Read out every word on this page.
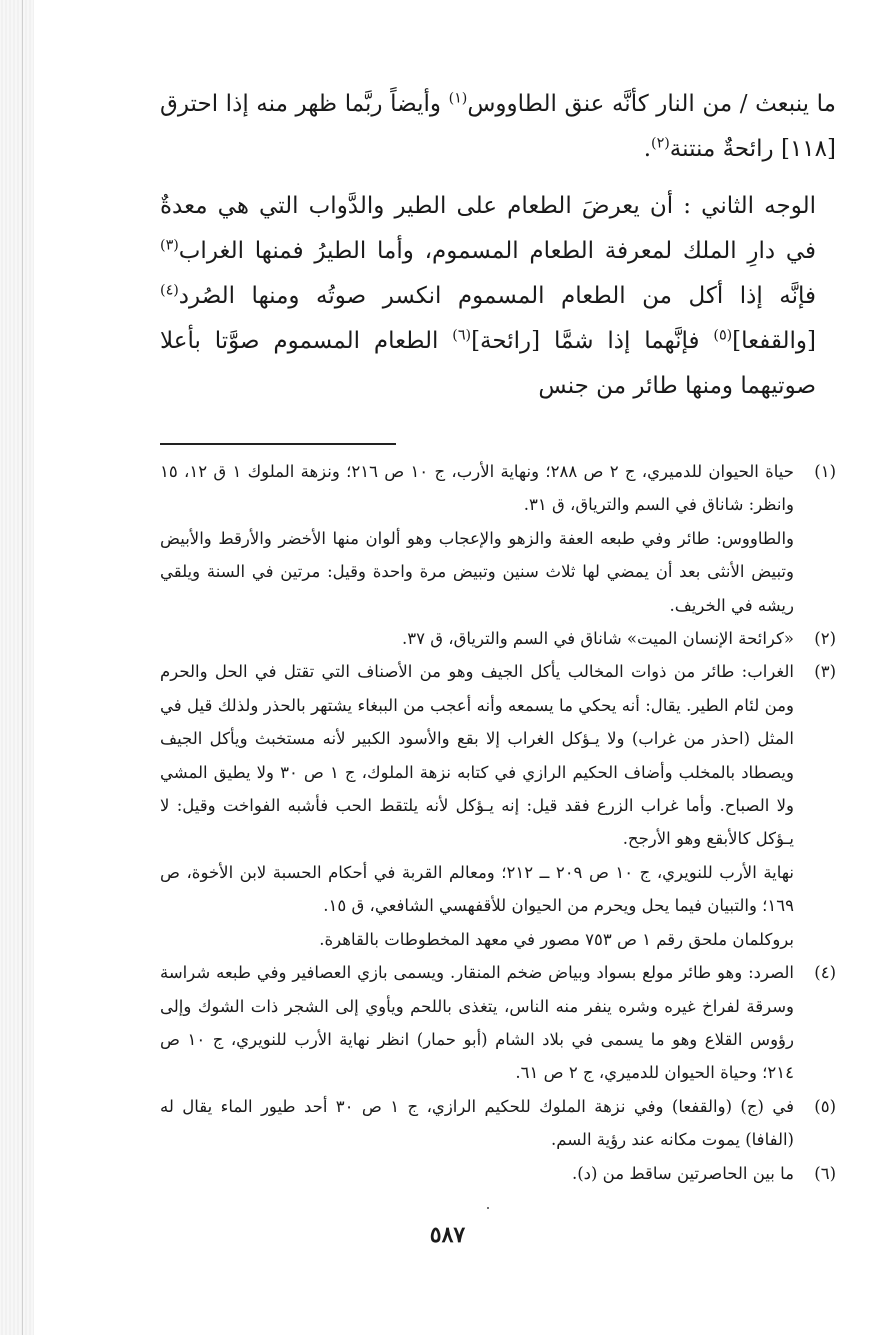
ما ينبعث / من النار كأنَّه عنق الطاووس$^{(١)}$ وأيضاً ربَّما ظهر منه إذا احترق [١١٨] رائحةٌ منتنة$^{(٢)}$.

الوجه الثاني : أن يعرضَ الطعام على الطير والدَّواب التي هي معدةٌ في دارِ الملك لمعرفة الطعام المسموم، وأما الطيرُ فمنها الغراب$^{(٣)}$ فإنَّه إذا أكل من الطعام المسموم انكسر صوتُه ومنها الصُرد$^{(٤)}$ [والقفعا]$^{(٥)}$ فإنَّهما إذا شمَّا [رائحة]$^{(٦)}$ الطعام المسموم صوَّتا بأعلا صوتيهما ومنها طائر من جنس

(١)

حياة الحيوان للدميري، ج ٢ ص ٢٨٨؛ ونهاية الأرب، ج ١٠ ص ٢١٦؛ ونزهة الملوك ١ ق ١٢، ١٥ وانظر: شاناق في السم والترياق، ق ٣١.

والطاووس: طائر وفي طبعه العفة والزهو والإعجاب وهو ألوان منها الأخضر والأرقط والأبيض وتبيض الأنثى بعد أن يمضي لها ثلاث سنين وتبيض مرة واحدة وقيل: مرتين في السنة ويلقي ريشه في الخريف.

(٢)

«كرائحة الإنسان الميت» شاناق في السم والترياق، ق ٣٧.

(٣)

الغراب: طائر من ذوات المخالب يأكل الجيف وهو من الأصناف التي تقتل في الحل والحرم ومن لئام الطير. يقال: أنه يحكي ما يسمعه وأنه أعجب من الببغاء يشتهر بالحذر ولذلك قيل في المثل (احذر من غراب) ولا يـؤكل الغراب إلا بقع والأسود الكبير لأنه مستخبث ويأكل الجيف ويصطاد بالمخلب وأضاف الحكيم الرازي في كتابه نزهة الملوك، ج ١ ص ٣٠ ولا يطيق المشي ولا الصباح. وأما غراب الزرع فقد قيل: إنه يـؤكل لأنه يلتقط الحب فأشبه الفواخت وقيل: لا يـؤكل كالأبقع وهو الأرجح.

نهاية الأرب للنويري، ج ١٠ ص ٢٠٩ ــ ٢١٢؛ ومعالم القربة في أحكام الحسبة لابن الأخوة، ص ١٦٩؛ والتبيان فيما يحل ويحرم من الحيوان للأقفهسي الشافعي، ق ١٥.

بروكلمان ملحق رقم ١ ص ٧٥٣ مصور في معهد المخطوطات بالقاهرة.

(٤)

الصرد: وهو طائر مولع بسواد وبياض ضخم المنقار. ويسمى بازي العصافير وفي طبعه شراسة وسرقة لفراخ غيره وشره ينفر منه الناس، يتغذى باللحم ويأوي إلى الشجر ذات الشوك وإلى رؤوس القلاع وهو ما يسمى في بلاد الشام (أبو حمار) انظر نهاية الأرب للنويري، ج ١٠ ص ٢١٤؛ وحياة الحيوان للدميري، ج ٢ ص ٦١.

(٥)

في (ج) (والقفعا) وفي نزهة الملوك للحكيم الرازي، ج ١ ص ٣٠ أحد طيور الماء يقال له (الفافا) يموت مكانه عند رؤية السم.

(٦)

ما بين الحاصرتين ساقط من (د).

٥٨٧
